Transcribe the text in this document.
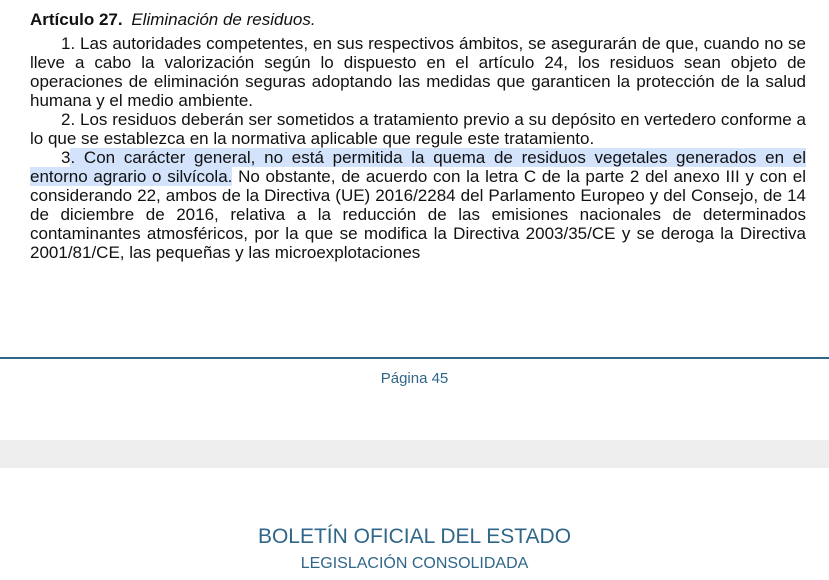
Artículo 27. Eliminación de residuos.

1. Las autoridades competentes, en sus respectivos ámbitos, se asegurarán de que, cuando no se lleve a cabo la valorización según lo dispuesto en el artículo 24, los residuos sean objeto de operaciones de eliminación seguras adoptando las medidas que garanticen la protección de la salud humana y el medio ambiente.

2. Los residuos deberán ser sometidos a tratamiento previo a su depósito en vertedero conforme a lo que se establezca en la normativa aplicable que regule este tratamiento.

3. Con carácter general, no está permitida la quema de residuos vegetales generados en el entorno agrario o silvícola. No obstante, de acuerdo con la letra C de la parte 2 del anexo III y con el considerando 22, ambos de la Directiva (UE) 2016/2284 del Parlamento Europeo y del Consejo, de 14 de diciembre de 2016, relativa a la reducción de las emisiones nacionales de determinados contaminantes atmosféricos, por la que se modifica la Directiva 2003/35/CE y se deroga la Directiva 2001/81/CE, las pequeñas y las microexplotaciones

Página 45
BOLETÍN OFICIAL DEL ESTADO
LEGISLACIÓN CONSOLIDADA
